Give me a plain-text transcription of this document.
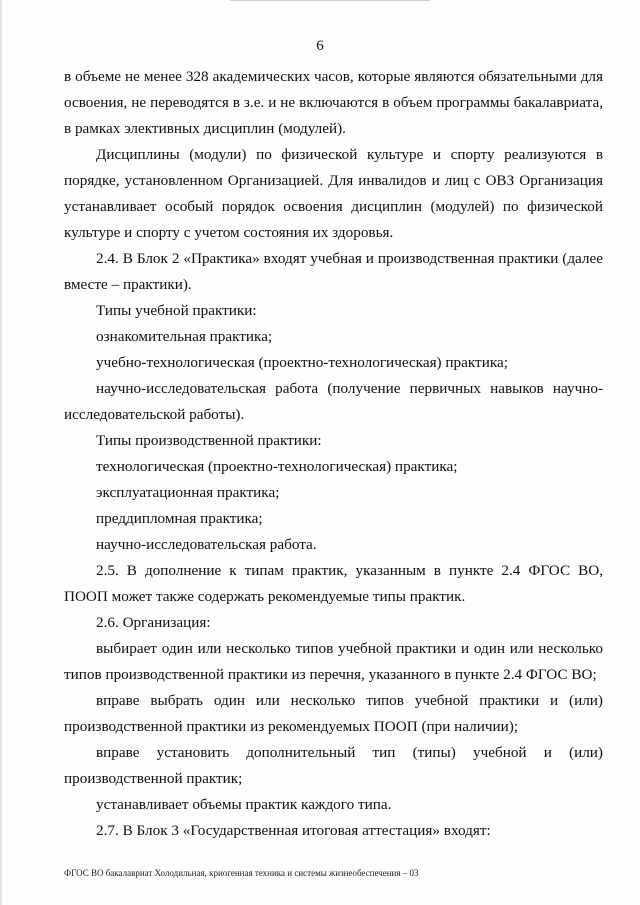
6

в объеме не менее 328 академических часов, которые являются обязательными для освоения, не переводятся в з.е. и не включаются в объем программы бакалавриата, в рамках элективных дисциплин (модулей).

Дисциплины (модули) по физической культуре и спорту реализуются в порядке, установленном Организацией. Для инвалидов и лиц с ОВЗ Организация устанавливает особый порядок освоения дисциплин (модулей) по физической культуре и спорту с учетом состояния их здоровья.

2.4. В Блок 2 «Практика» входят учебная и производственная практики (далее вместе – практики).

Типы учебной практики:

ознакомительная практика;

учебно-технологическая (проектно-технологическая) практика;

научно-исследовательская работа (получение первичных навыков научно-исследовательской работы).

Типы производственной практики:

технологическая (проектно-технологическая) практика;

эксплуатационная практика;

преддипломная практика;

научно-исследовательская работа.

2.5. В дополнение к типам практик, указанным в пункте 2.4 ФГОС ВО, ПООП может также содержать рекомендуемые типы практик.

2.6. Организация:

выбирает один или несколько типов учебной практики и один или несколько типов производственной практики из перечня, указанного в пункте 2.4 ФГОС ВО;

вправе выбрать один или несколько типов учебной практики и (или) производственной практики из рекомендуемых ПООП (при наличии);

вправе установить дополнительный тип (типы) учебной и (или) производственной практик;

устанавливает объемы практик каждого типа.

2.7. В Блок 3 «Государственная итоговая аттестация» входят:

ФГОС ВО бакалавриат Холодильная, криогенная техника и системы жизнеобеспечения – 03
